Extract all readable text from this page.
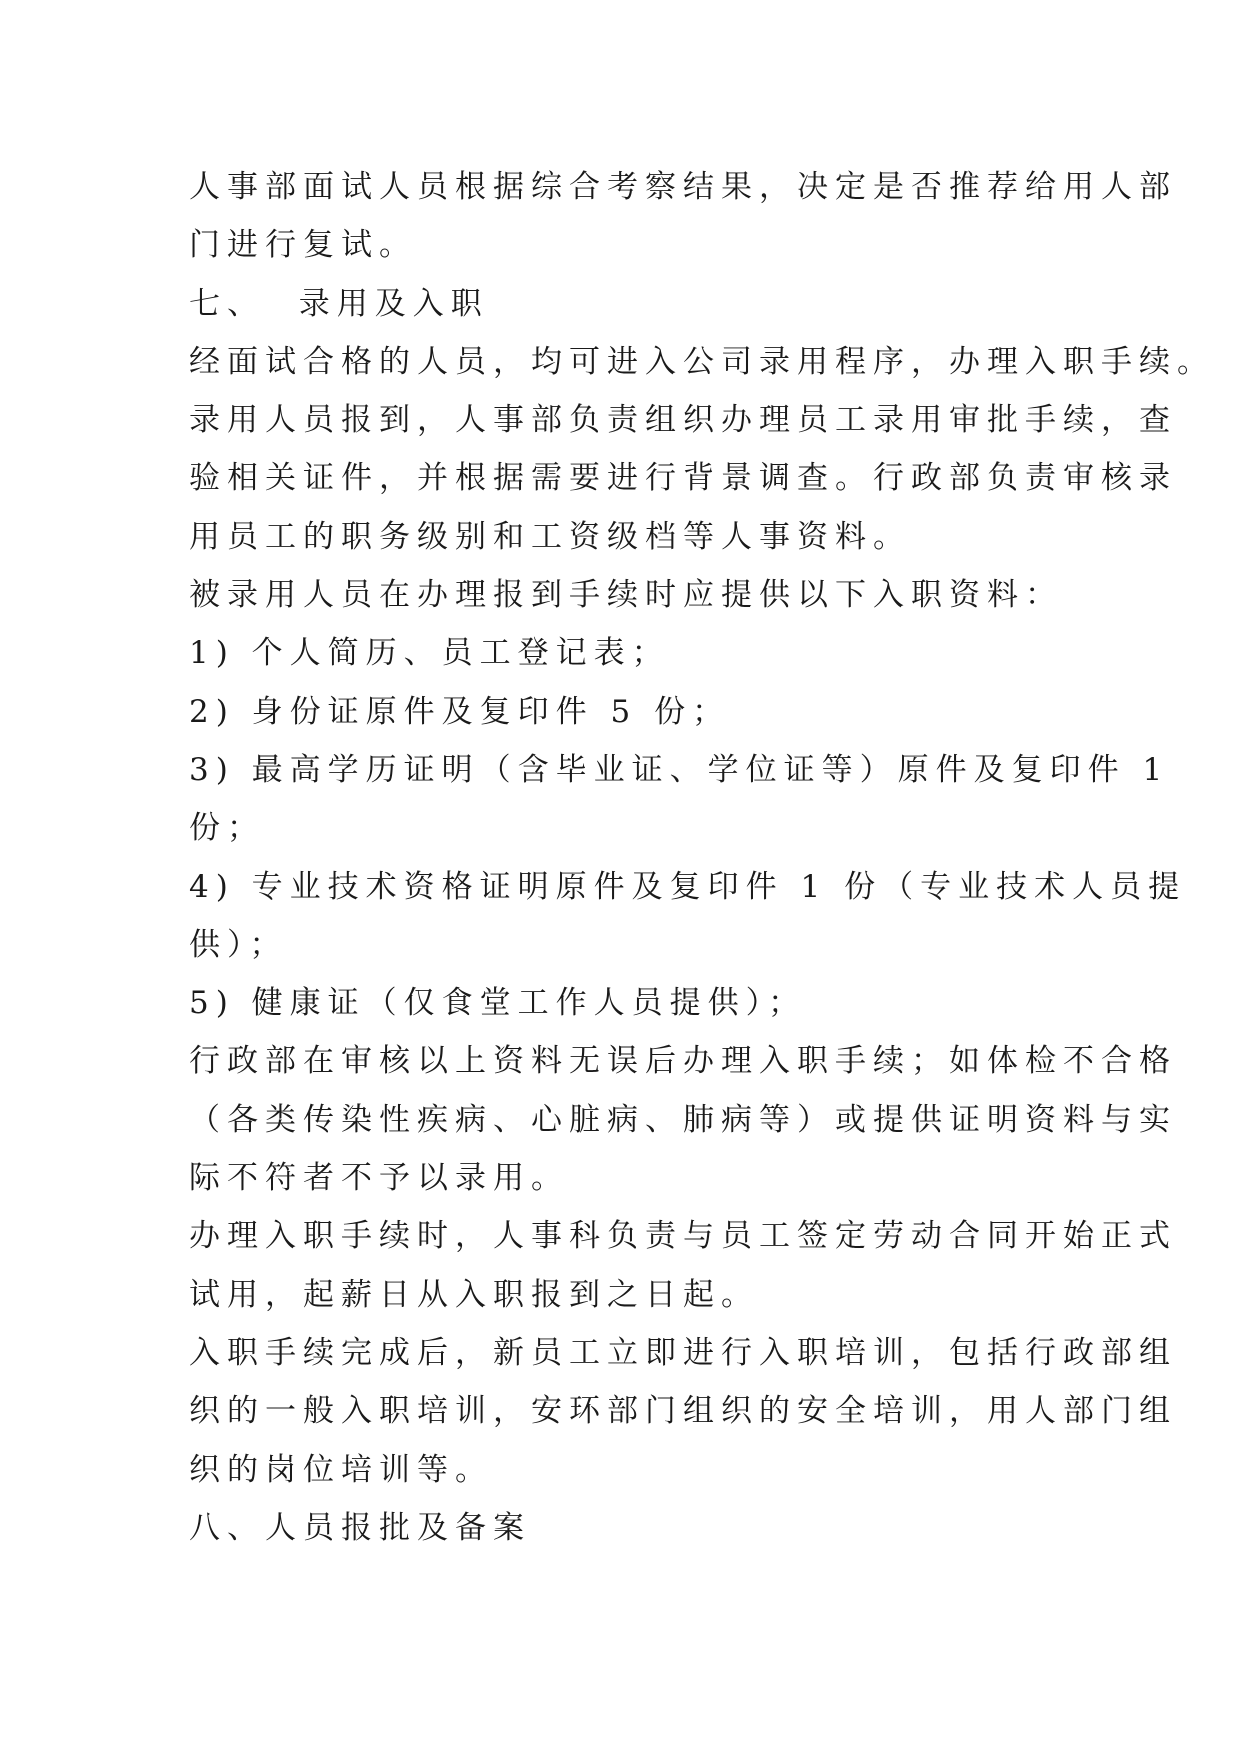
人事部面试人员根据综合考察结果，决定是否推荐给用人部
门进行复试。
七、  录用及入职
经面试合格的人员，均可进入公司录用程序，办理入职手续。
录用人员报到，人事部负责组织办理员工录用审批手续，查
验相关证件，并根据需要进行背景调查。行政部负责审核录
用员工的职务级别和工资级档等人事资料。
被录用人员在办理报到手续时应提供以下入职资料：
1) 个人简历、员工登记表；
2) 身份证原件及复印件 5 份；
3) 最高学历证明（含毕业证、学位证等）原件及复印件 1
份；
4) 专业技术资格证明原件及复印件 1 份（专业技术人员提
供）；
5) 健康证（仅食堂工作人员提供）；
行政部在审核以上资料无误后办理入职手续；如体检不合格
（各类传染性疾病、心脏病、肺病等）或提供证明资料与实
际不符者不予以录用。
办理入职手续时，人事科负责与员工签定劳动合同开始正式
试用，起薪日从入职报到之日起。
入职手续完成后，新员工立即进行入职培训，包括行政部组
织的一般入职培训，安环部门组织的安全培训，用人部门组
织的岗位培训等。
八、人员报批及备案
